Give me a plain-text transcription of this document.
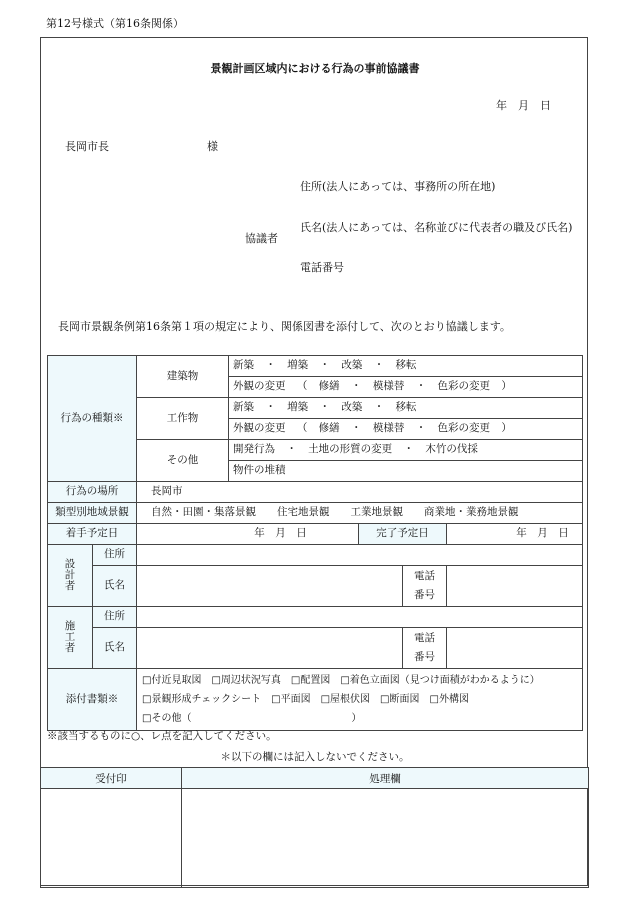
第12号様式（第16条関係）
景観計画区域内における行為の事前協議書
年　月　日
長岡市長	様
協議者
住所(法人にあっては、事務所の所在地)
氏名(法人にあっては、名称並びに代表者の職及び氏名)
電話番号
長岡市景観条例第16条第１項の規定により、関係図書を添付して、次のとおり協議します。
行為の種類※		建築物	新築 ・ 増築 ・ 改築 ・ 移転			
			外観の変更 （ 修繕 ・ 模様替 ・ 色彩の変更 ）			
		工作物	新築 ・ 増築 ・ 改築 ・ 移転			
			外観の変更 （ 修繕 ・ 模様替 ・ 色彩の変更 ）			
		その他	開発行為 ・ 土地の形質の変更 ・ 木竹の伐採			
			物件の堆積			
行為の場所		長岡市				
類型別地域景観		自然・田園・集落景観　　住宅地景観　　工業地景観　　商業地・業務地景観				
着手予定日		年　月　日		完了予定日		年　月　日

設
計
者	住所					
	氏名				電話
番号	

施
工
者	住所					
	氏名				電話
番号	

添付書類※		□付近見取図　□周辺状況写真　□配置図　□着色立面図（見つけ面積がわかるように）
□景観形成チェックシート　□平面図　□屋根伏図　□断面図　□外構図
□その他（　　　　　　　　　　　　　　　　）				
※該当するものに○、レ点を記入してください。
＊以下の欄には記入しないでください。
受付印	処理欄
